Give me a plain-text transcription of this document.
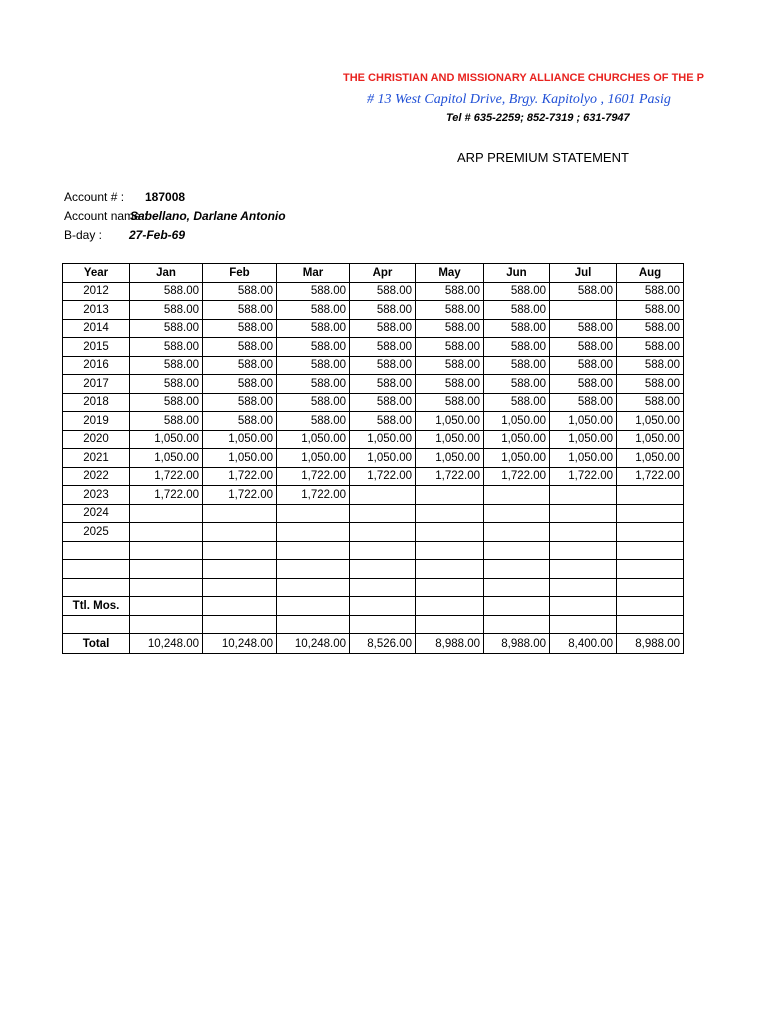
THE CHRISTIAN AND MISSIONARY ALLIANCE CHURCHES OF THE P
# 13 West Capitol Drive, Brgy. Kapitolyo , 1601 Pasig
Tel # 635-2259; 852-7319 ; 631-7947
ARP PREMIUM STATEMENT
Account # : 187008
Account name :
Sabellano, Darlane Antonio
B-day : 27-Feb-69
Year	Jan	Feb	Mar	Apr	May	Jun	Jul	Aug
2012	588.00	588.00	588.00	588.00	588.00	588.00	588.00	588.00
2013	588.00	588.00	588.00	588.00	588.00	588.00		588.00
2014	588.00	588.00	588.00	588.00	588.00	588.00	588.00	588.00
2015	588.00	588.00	588.00	588.00	588.00	588.00	588.00	588.00
2016	588.00	588.00	588.00	588.00	588.00	588.00	588.00	588.00
2017	588.00	588.00	588.00	588.00	588.00	588.00	588.00	588.00
2018	588.00	588.00	588.00	588.00	588.00	588.00	588.00	588.00
2019	588.00	588.00	588.00	588.00	1,050.00	1,050.00	1,050.00	1,050.00
2020	1,050.00	1,050.00	1,050.00	1,050.00	1,050.00	1,050.00	1,050.00	1,050.00
2021	1,050.00	1,050.00	1,050.00	1,050.00	1,050.00	1,050.00	1,050.00	1,050.00
2022	1,722.00	1,722.00	1,722.00	1,722.00	1,722.00	1,722.00	1,722.00	1,722.00
2023	1,722.00	1,722.00	1,722.00					
2024								
2025								

Ttl. Mos.								

Total	10,248.00	10,248.00	10,248.00	8,526.00	8,988.00	8,988.00	8,400.00	8,988.00
